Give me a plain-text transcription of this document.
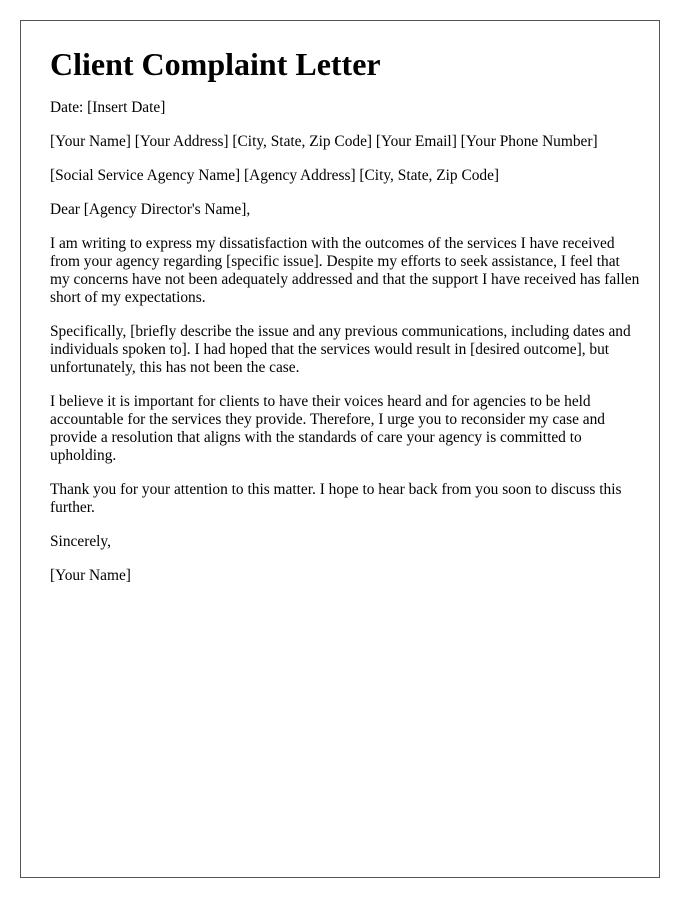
Client Complaint Letter

Date: [Insert Date]

[Your Name] [Your Address] [City, State, Zip Code] [Your Email] [Your Phone Number]

[Social Service Agency Name] [Agency Address] [City, State, Zip Code]

Dear [Agency Director's Name],

I am writing to express my dissatisfaction with the outcomes of the services I have received from your agency regarding [specific issue]. Despite my efforts to seek assistance, I feel that my concerns have not been adequately addressed and that the support I have received has fallen short of my expectations.

Specifically, [briefly describe the issue and any previous communications, including dates and individuals spoken to]. I had hoped that the services would result in [desired outcome], but unfortunately, this has not been the case.

I believe it is important for clients to have their voices heard and for agencies to be held accountable for the services they provide. Therefore, I urge you to reconsider my case and provide a resolution that aligns with the standards of care your agency is committed to upholding.

Thank you for your attention to this matter. I hope to hear back from you soon to discuss this further.

Sincerely,

[Your Name]
